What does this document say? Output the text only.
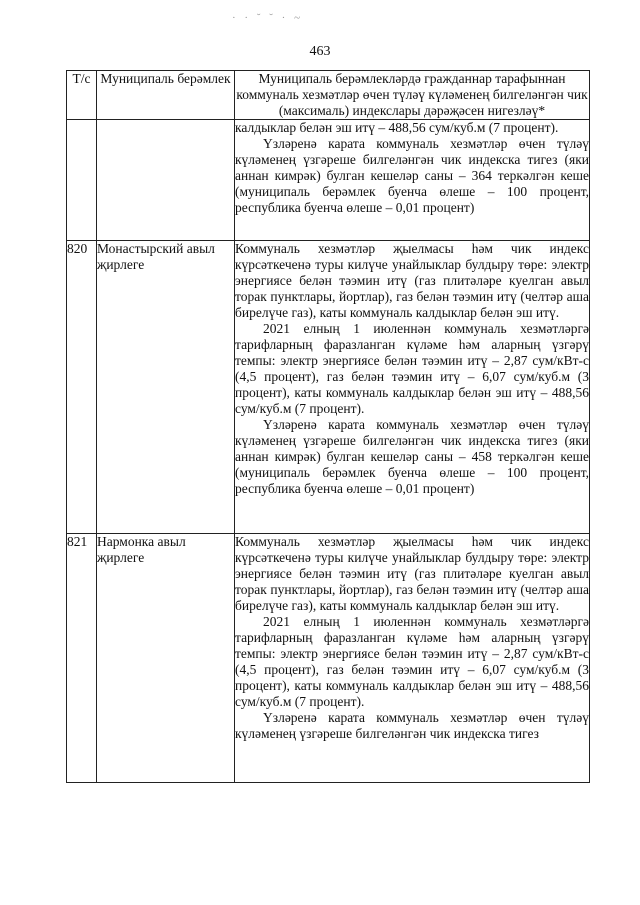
· · ˘ ˘ · ~
463
Т/с	Муниципаль берәмлек	Муниципаль берәмлекләрдә гражданнар тарафыннан коммуналь хезмәтләр өчен түләү күләменең билгеләнгән чик (максималь) индекслары дәрәҗәсен нигезләү*

		калдыклар белән эш итү – 488,56 сум/куб.м (7 процент).

Үзләренә карата коммуналь хезмәтләр өчен түләү күләменең үзгәреше билгеләнгән чик индекска тигез (яки аннан кимрәк) булган кешеләр саны – 364 теркәлгән кеше (муниципаль берәмлек буенча өлеше – 100 процент, республика буенча өлеше – 0,01 процент)

820	Монастырский авыл җирлеге	Коммуналь хезмәтләр җыелмасы һәм чик индекс күрсәткеченә туры килүче унайлыклар булдыру төре: электр энергиясе белән тәэмин итү (газ плитәләре куелган авыл торак пунктлары, йортлар), газ белән тәэмин итү (челтәр аша бирелүче газ), каты коммуналь калдыклар белән эш итү.

2021 елның 1 июленнән коммуналь хезмәтләргә тарифларның фаразланган күләме һәм аларның үзгәрү темпы: электр энергиясе белән тәэмин итү – 2,87 сум/кВт-с (4,5 процент), газ белән тәэмин итү – 6,07 сум/куб.м (3 процент), каты коммуналь калдыклар белән эш итү – 488,56 сум/куб.м (7 процент).

Үзләренә карата коммуналь хезмәтләр өчен түләү күләменең үзгәреше билгеләнгән чик индекска тигез (яки аннан кимрәк) булган кешеләр саны – 458 теркәлгән кеше (муниципаль берәмлек буенча өлеше – 100 процент, республика буенча өлеше – 0,01 процент)

821	Нармонка авыл җирлеге	Коммуналь хезмәтләр җыелмасы һәм чик индекс күрсәткеченә туры килүче унайлыклар булдыру төре: электр энергиясе белән тәэмин итү (газ плитәләре куелган авыл торак пунктлары, йортлар), газ белән тәэмин итү (челтәр аша бирелүче газ), каты коммуналь калдыклар белән эш итү.

2021 елның 1 июленнән коммуналь хезмәтләргә тарифларның фаразланган күләме һәм аларның үзгәрү темпы: электр энергиясе белән тәэмин итү – 2,87 сум/кВт-с (4,5 процент), газ белән тәэмин итү – 6,07 сум/куб.м (3 процент), каты коммуналь калдыклар белән эш итү – 488,56 сум/куб.м (7 процент).

Үзләренә карата коммуналь хезмәтләр өчен түләү күләменең үзгәреше билгеләнгән чик индекска тигез
